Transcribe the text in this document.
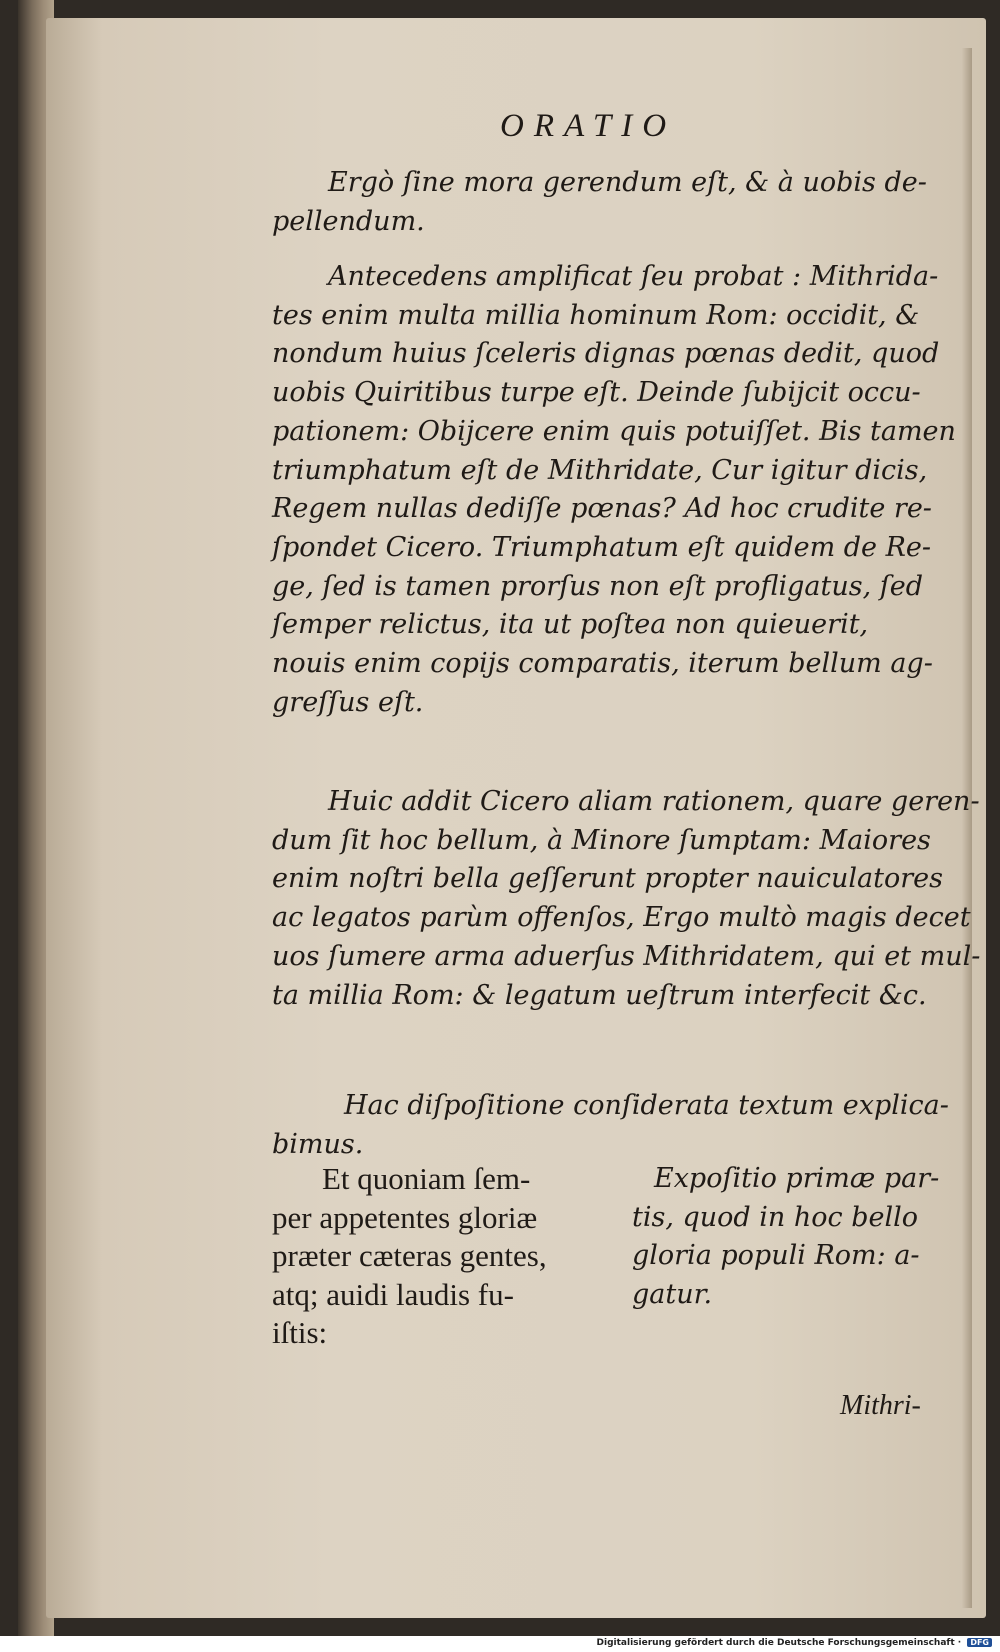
ORATIO

Ergò ſine mora gerendum eſt, & à uobis de-
pellendum.

Antecedens amplificat ſeu probat : Mithrida-
tes enim multa millia hominum Rom: occidit, &
nondum huius ſceleris dignas pœnas dedit, quod
uobis Quiritibus turpe eſt. Deinde ſubijcit occu-
pationem: Obijcere enim quis potuiſſet. Bis tamen
triumphatum eſt de Mithridate, Cur igitur dicis,
Regem nullas dediſſe pœnas? Ad hoc crudite re-
ſpondet Cicero. Triumphatum eſt quidem de Re-
ge, ſed is tamen prorſus non eſt profligatus, ſed
ſemper relictus, ita ut poſtea non quieuerit,
nouis enim copijs comparatis, iterum bellum ag-
greſſus eſt.

Huic addit Cicero aliam rationem, quare geren-
dum ſit hoc bellum, à Minore ſumptam: Maiores
enim noſtri bella geſſerunt propter nauiculatores
ac legatos parùm offenſos, Ergo multò magis decet
uos ſumere arma aduerſus Mithridatem, qui et mul-
ta millia Rom: & legatum ueſtrum interfecit &c.

Hac diſpoſitione conſiderata textum explica-
bimus.

Et quoniam ſem-
per appetentes gloriæ
præter cæteras gentes,
atq; auidi laudis fu-
iſtis:
Expoſitio primæ par-
tis, quod in hoc bello
gloria populi Rom: a-
gatur.
Mithri-
Digitalisierung gefördert durch die Deutsche Forschungsgemeinschaft · DFG
